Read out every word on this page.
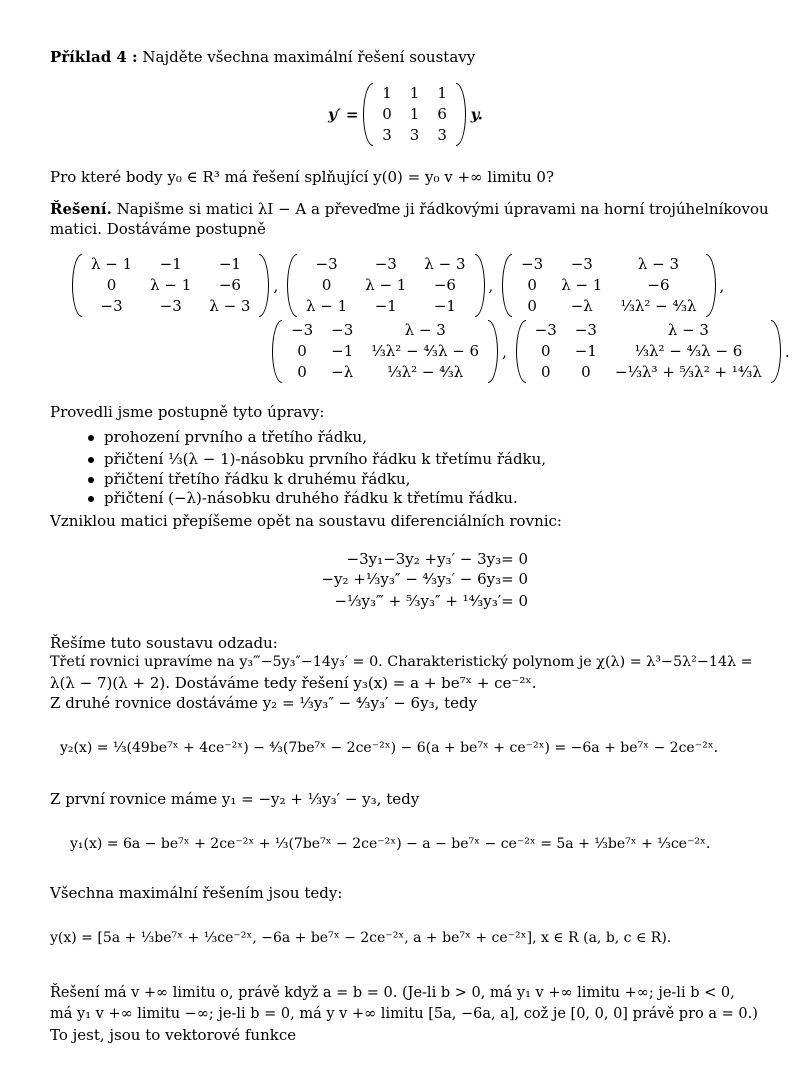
Příklad 4 : Najděte všechna maximální řešení soustavy
y′ =
1	1	1
0	1	6
3	3	3
y.
Pro které body y₀ ∈ R³ má řešení splňující y(0) = y₀ v +∞ limitu 0?
Řešení. Napišme si matici λI − A a převeďme ji řádkovými úpravami na horní trojúhelníkovou
matici. Dostáváme postupně
λ − 1	−1	−1
0	λ − 1	−6
−3	−3	λ − 3
,
−3	−3	λ − 3
0	λ − 1	−6
λ − 1	−1	−1
,
−3	−3	λ − 3
0	λ − 1	−6
0	−λ	⅓λ² − ⁴⁄₃λ
,
−3	−3	λ − 3
0	−1	⅓λ² − ⁴⁄₃λ − 6
0	−λ	⅓λ² − ⁴⁄₃λ
,
−3	−3	λ − 3
0	−1	⅓λ² − ⁴⁄₃λ − 6
0	0	−⅓λ³ + ⁵⁄₃λ² + ¹⁴⁄₃λ
.
Provedli jsme postupně tyto úpravy:
prohození prvního a třetího řádku,
přičtení ⅓(λ − 1)-násobku prvního řádku k třetímu řádku,
přičtení třetího řádku k druhému řádku,
přičtení (−λ)-násobku druhého řádku k třetímu řádku.
Vzniklou matici přepíšeme opět na soustavu diferenciálních rovnic:
−3y₁−3y₂ +y₃′ − 3y₃= 0
−y₂ +⅓y₃″ − ⁴⁄₃y₃′ − 6y₃= 0
−⅓y₃‴ + ⁵⁄₃y₃″ + ¹⁴⁄₃y₃′= 0
Řešíme tuto soustavu odzadu:
Třetí rovnici upravíme na y₃‴−5y₃″−14y₃′ = 0. Charakteristický polynom je χ(λ) = λ³−5λ²−14λ =
λ(λ − 7)(λ + 2). Dostáváme tedy řešení y₃(x) = a + be⁷ˣ + ce⁻²ˣ.
Z druhé rovnice dostáváme y₂ = ⅓y₃″ − ⁴⁄₃y₃′ − 6y₃, tedy
y₂(x) = ⅓(49be⁷ˣ + 4ce⁻²ˣ) − ⁴⁄₃(7be⁷ˣ − 2ce⁻²ˣ) − 6(a + be⁷ˣ + ce⁻²ˣ) = −6a + be⁷ˣ − 2ce⁻²ˣ.
Z první rovnice máme y₁ = −y₂ + ⅓y₃′ − y₃, tedy
y₁(x) = 6a − be⁷ˣ + 2ce⁻²ˣ + ⅓(7be⁷ˣ − 2ce⁻²ˣ) − a − be⁷ˣ − ce⁻²ˣ = 5a + ⅓be⁷ˣ + ⅓ce⁻²ˣ.
Všechna maximální řešením jsou tedy:
y(x) = [5a + ⅓be⁷ˣ + ⅓ce⁻²ˣ, −6a + be⁷ˣ − 2ce⁻²ˣ, a + be⁷ˣ + ce⁻²ˣ], x ∈ R (a, b, c ∈ R).
Řešení má v +∞ limitu o, právě když a = b = 0. (Je-li b > 0, má y₁ v +∞ limitu +∞; je-li b < 0,
má y₁ v +∞ limitu −∞; je-li b = 0, má y v +∞ limitu [5a, −6a, a], což je [0, 0, 0] právě pro a = 0.)
To jest, jsou to vektorové funkce
